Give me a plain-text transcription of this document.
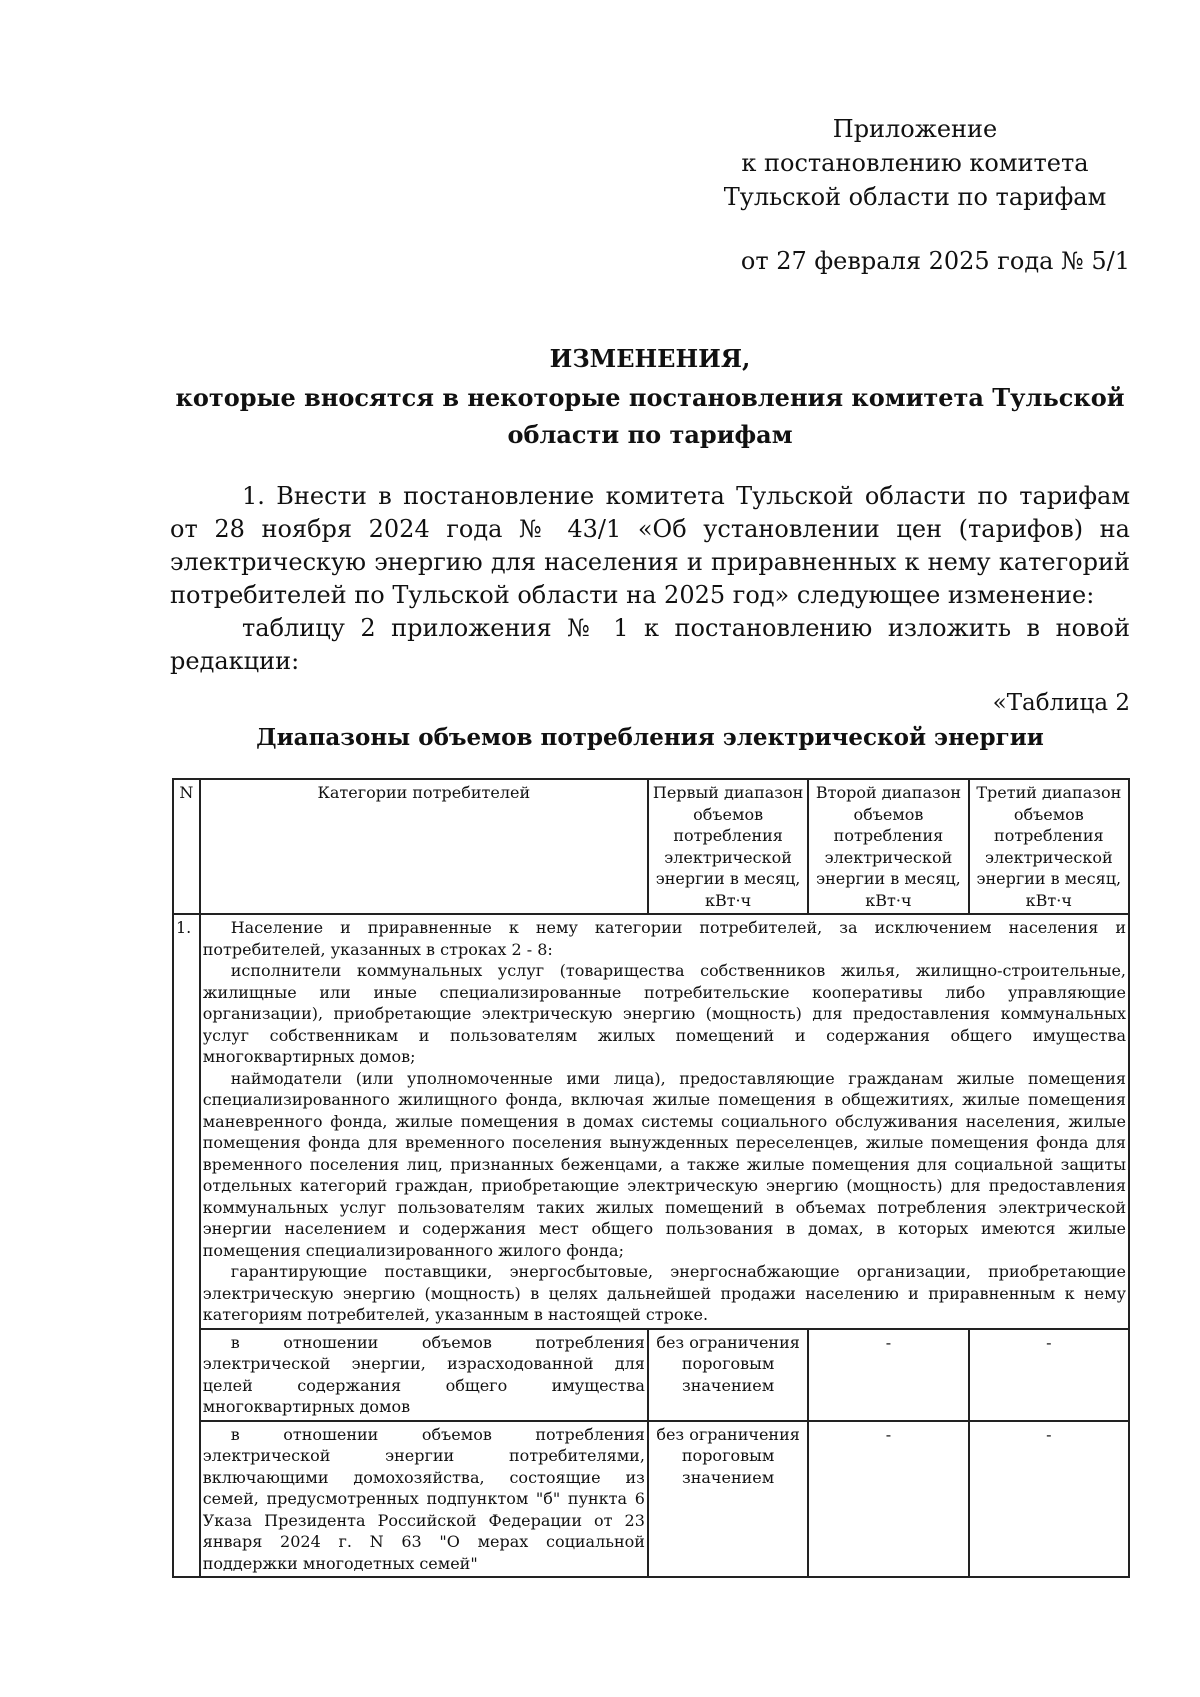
Приложение
к постановлению комитета
Тульской области по тарифам
от 27 февраля 2025 года № 5/1
ИЗМЕНЕНИЯ,
которые вносятся в некоторые постановления комитета Тульской области по тарифам

1. Внести в постановление комитета Тульской области по тарифам от 28 ноября 2024 года № 43/1 «Об установлении цен (тарифов) на электрическую энергию для населения и приравненных к нему категорий потребителей по Тульской области на 2025 год» следующее изменение:

таблицу 2 приложения № 1 к постановлению изложить в новой редакции:

«Таблица 2
Диапазоны объемов потребления электрической энергии
N	Категории потребителей	Первый диапазон объемов потребления электрической энергии в месяц, кВт·ч	Второй диапазон объемов потребления электрической энергии в месяц, кВт·ч	Третий диапазон объемов потребления электрической энергии в месяц, кВт·ч
1.	Население и приравненные к нему категории потребителей, за исключением населения и потребителей, указанных в строках 2 - 8:

исполнители коммунальных услуг (товарищества собственников жилья, жилищно-строительные, жилищные или иные специализированные потребительские кооперативы либо управляющие организации), приобретающие электрическую энергию (мощность) для предоставления коммунальных услуг собственникам и пользователям жилых помещений и содержания общего имущества многоквартирных домов;

наймодатели (или уполномоченные ими лица), предоставляющие гражданам жилые помещения специализированного жилищного фонда, включая жилые помещения в общежитиях, жилые помещения маневренного фонда, жилые помещения в домах системы социального обслуживания населения, жилые помещения фонда для временного поселения вынужденных переселенцев, жилые помещения фонда для временного поселения лиц, признанных беженцами, а также жилые помещения для социальной защиты отдельных категорий граждан, приобретающие электрическую энергию (мощность) для предоставления коммунальных услуг пользователям таких жилых помещений в объемах потребления электрической энергии населением и содержания мест общего пользования в домах, в которых имеются жилые помещения специализированного жилого фонда;

гарантирующие поставщики, энергосбытовые, энергоснабжающие организации, приобретающие электрическую энергию (мощность) в целях дальнейшей продажи населению и приравненным к нему категориям потребителей, указанным в настоящей строке.			

	в отношении объемов потребления электрической энергии, израсходованной для целей содержания общего имущества многоквартирных домов	без ограничения пороговым значением	-	-

	в отношении объемов потребления электрической энергии потребителями, включающими домохозяйства, состоящие из семей, предусмотренных подпунктом "б" пункта 6 Указа Президента Российской Федерации от 23 января 2024 г. N 63 "О мерах социальной поддержки многодетных семей"	без ограничения пороговым значением	-	-
